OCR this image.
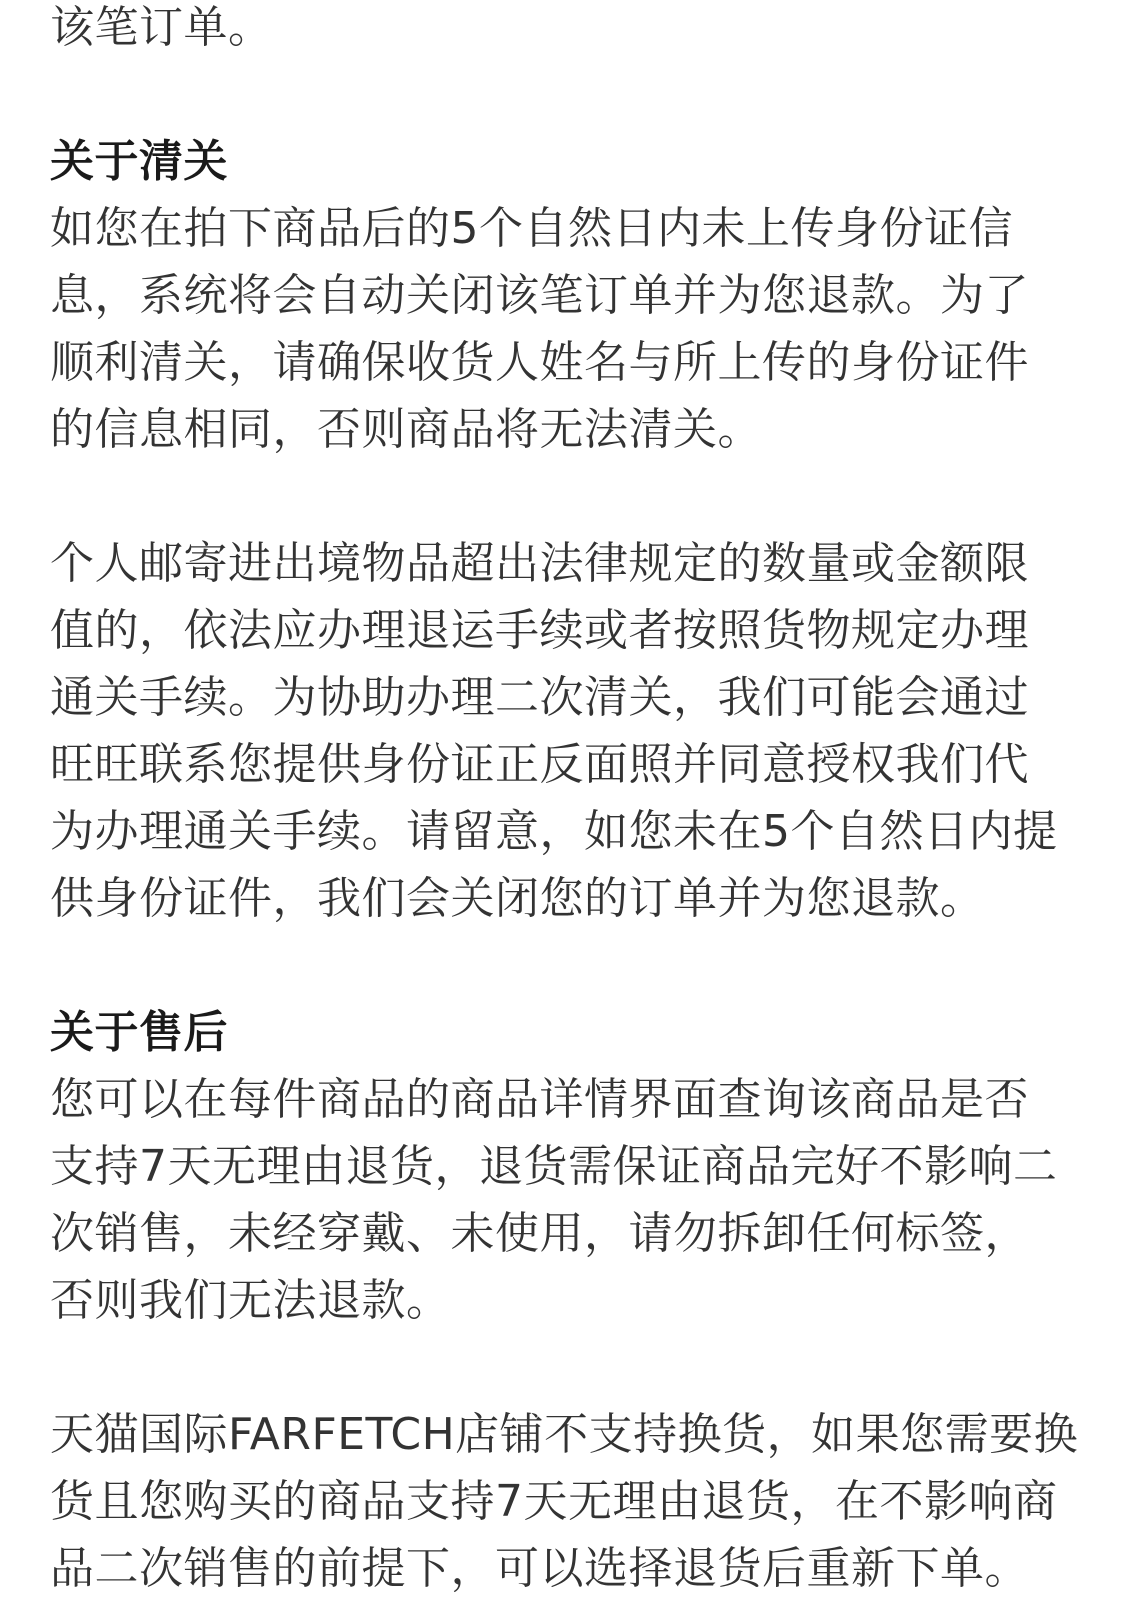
该笔订单。
关于清关
如您在拍下商品后的5个自然日内未上传身份证信
息，系统将会自动关闭该笔订单并为您退款。为了
顺利清关，请确保收货人姓名与所上传的身份证件
的信息相同，否则商品将无法清关。
个人邮寄进出境物品超出法律规定的数量或金额限
值的，依法应办理退运手续或者按照货物规定办理
通关手续。为协助办理二次清关，我们可能会通过
旺旺联系您提供身份证正反面照并同意授权我们代
为办理通关手续。请留意，如您未在5个自然日内提
供身份证件，我们会关闭您的订单并为您退款。
关于售后
您可以在每件商品的商品详情界面查询该商品是否
支持7天无理由退货，退货需保证商品完好不影响二
次销售，未经穿戴、未使用，请勿拆卸任何标签，
否则我们无法退款。
天猫国际FARFETCH店铺不支持换货，如果您需要换
货且您购买的商品支持7天无理由退货，在不影响商
品二次销售的前提下，可以选择退货后重新下单。
